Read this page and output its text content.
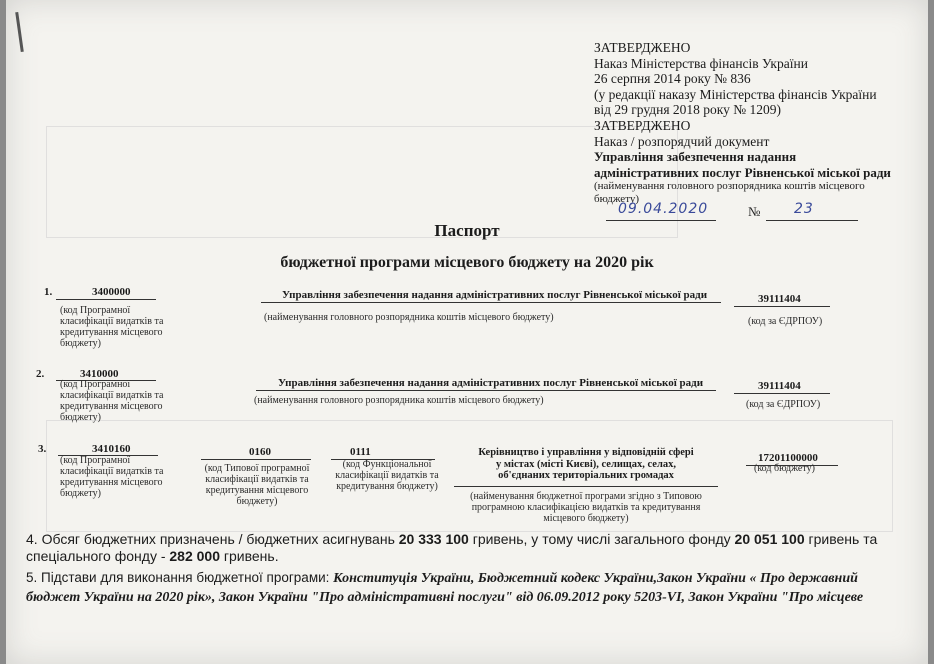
ЗАТВЕРДЖЕНО
Наказ Міністерства фінансів України
26 серпня 2014 року № 836
(у редакції наказу Міністерства фінансів України
від 29 грудня 2018 року № 1209)
ЗАТВЕРДЖЕНО
Наказ / розпорядчий документ
Управління забезпечення надання
адміністративних послуг Рівненської міської ради
(найменування головного розпорядника коштів місцевого бюджету)
09.04.2020	№ 23
Паспорт
бюджетної програми місцевого бюджету на 2020 рік
1.	3400000
(код Програмної класифікації видатків та кредитування місцевого бюджету)
Управління забезпечення надання адміністративних послуг Рівненської міської ради
(найменування головного розпорядника коштів місцевого бюджету)
39111404
(код за ЄДРПОУ)
2.	3410000
(код Програмної класифікації видатків та кредитування місцевого бюджету)
Управління забезпечення надання адміністративних послуг Рівненської міської ради
(найменування головного розпорядника коштів місцевого бюджету)
39111404
(код за ЄДРПОУ)
3.	3410160
(код Програмної класифікації видатків та кредитування місцевого бюджету)
0160
(код Типової програмної класифікації видатків та кредитування місцевого бюджету)
0111
(код Функціональної класифікації видатків та кредитування бюджету)
Керівництво і управління у відповідній сфері
у містах (місті Києві), селищах, селах,
об'єднаних територіальних громадах
(найменування бюджетної програми згідно з Типовою програмною класифікацією видатків та кредитування місцевого бюджету)
17201100000
(код бюджету)
4. Обсяг бюджетних призначень / бюджетних асигнувань 20 333 100 гривень, у тому числі загального фонду 20 051 100 гривень та спеціального фонду - 282 000 гривень.
5. Підстави для виконання бюджетної програми: Конституція України, Бюджетний кодекс України,Закон України « Про державний бюджет України на 2020 рік», Закон України "Про адміністративні послуги" від 06.09.2012 року 5203-VІ, Закон України "Про місцеве
